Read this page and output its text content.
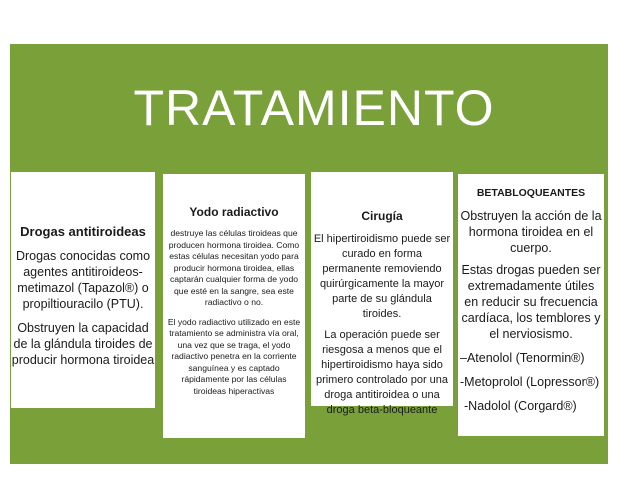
TRATAMIENTO

Drogas antitiroideas

Drogas conocidas como agentes antitiroideos-metimazol (Tapazol®) o propiltiouracilo (PTU).

Obstruyen la capacidad de la glándula tiroides de producir hormona tiroidea

Yodo radiactivo

destruye las células tiroideas que producen hormona tiroidea. Como estas células necesitan yodo para producir hormona tiroidea, ellas captarán cualquier forma de yodo que esté en la sangre, sea este radiactivo o no.

El yodo radiactivo utilizado en este tratamiento se administra vía oral, una vez que se traga, el yodo radiactivo penetra en la corriente sanguínea y es captado rápidamente por las células tiroideas hiperactivas

Cirugía

El hipertiroidismo puede ser curado en forma permanente removiendo quirúrgicamente la mayor parte de su glándula tiroides.

La operación puede ser riesgosa a menos que el hipertiroidismo haya sido primero controlado por una droga antitiroidea o una droga beta-bloqueante

BETABLOQUEANTES

Obstruyen la acción de la hormona tiroidea en el cuerpo.

Estas drogas pueden ser extremadamente útiles en reducir su frecuencia cardíaca, los temblores y el nerviosismo.

–Atenolol (Tenormin®)

-Metoprolol (Lopressor®)

-Nadolol (Corgard®)
